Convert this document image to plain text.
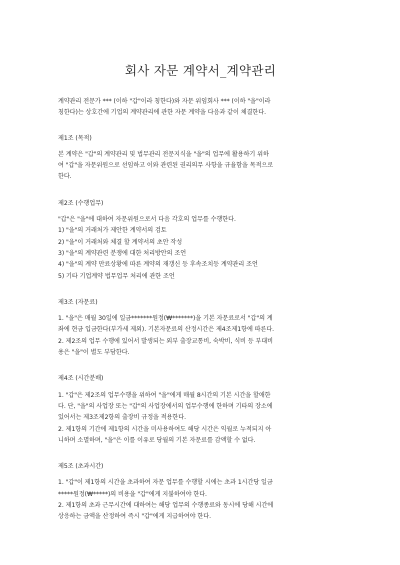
회사 자문 계약서_계약관리

계약관리 전문가 *** (이하 "갑"이라 칭한다)와 자문 위임회사 *** (이하 "을"이라

칭한다)는 상호간에 기업의 계약관리에 관한 자문 계약을 다음과 같이 체결한다.

제1조 (목적)

본 계약은 "갑"의 계약관리 및 법무관리 전문지식을 "을"의 업무에 활용하기 위하

여 "갑"을 자문위원으로 선임하고 이와 관련된 권리의무 사항을 규율함을 목적으로

한다.

제2조 (수행업무)

"갑"은 "을"에 대하여 자문위원으로서 다음 각호의 업무를 수행한다.

1) "을"의 거래처가 제안한 계약서의 검토

2) "을"이 거래처와 체결 할 계약서의 초안 작성

3) "을"의 계약관련 분쟁에 대한 처리방안의 조언

4) "을"의 계약 만료상황에 따른 계약의 재갱신 등 후속조치등 계약관리 조언

5) 기타 기업계약 법무업무 처리에 관한 조언

제3조 (자문료)

1. "을"은 매월 30일에 일금*******원정(₩*******)을 기본 자문료로서 "갑"의 계

좌에 현금 입금한다(부가세 제외). 기본자문료의 산정시간은 제4조제1항에 따른다.

2. 제2조의 업무 수행에 있어서 발생되는 외부 출장교통비, 숙박비, 식비 등 부대비

용은 "을"이 별도 부담한다.

제4조 (시간분배)

1. "갑"은 제2조의 업무수행을 위하여 "을"에게 매월 8시간의 기본 시간을 할애한

다. 단, "을"의 사업장 또는 "갑"의 사업장에서의 업무수행에 한하며 기타의 장소에

있어서는 제3조제2항의 출장비 규정을 적용한다.

2. 제1항의 기간에 제1항의 시간을 미사용하여도 해당 시간은 익월로 누적되지 아

니하며 소멸하며, "을"은 이를 이유로 당월의 기본 자문료를 감액할 수 없다.

제5조 (초과시간)

1. "갑"이 제1항의 시간을 초과하여 자문 업무를 수행할 시에는 초과 1시간당 일금

*****원정(₩*****)의 비용을 "갑"에게 지불하여야 한다.

2. 제1항의 초과 근무시간에 대하여는 해당 업무의 수행종료와 동시에 당해 시간에

상응하는 금액을 산정하여 즉시 "갑"에게 지급하여야 한다.
